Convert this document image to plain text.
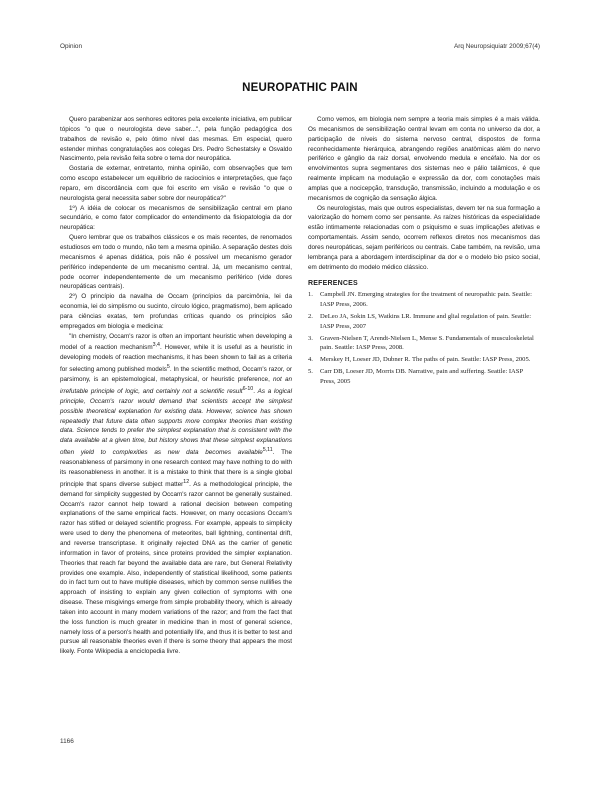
Opinion	Arq Neuropsiquiatr 2009;67(4)
NEUROPATHIC PAIN

Quero parabenizar aos senhores editores pela excelente iniciativa, em publicar tópicos "o que o neurologista deve saber...", pela função pedagógica dos trabalhos de revisão e, pelo ótimo nível das mesmas. Em especial, quero estender minhas congratulações aos colegas Drs. Pedro Schestatsky e Osvaldo Nascimento, pela revisão feita sobre o tema dor neuropática.

Gostaria de externar, entretanto, minha opinião, com observações que tem como escopo estabelecer um equilíbrio de raciocínios e interpretações, que faço reparo, em discordância com que foi escrito em visão e revisão "o que o neurologista geral necessita saber sobre dor neuropática?"

1º) A idéia de colocar os mecanismos de sensibilização central em plano secundário, e como fator complicador do entendimento da fisiopatologia da dor neuropática:

Quero lembrar que os trabalhos clássicos e os mais recentes, de renomados estudiosos em todo o mundo, não tem a mesma opinião. A separação destes dois mecanismos é apenas didática, pois não é possível um mecanismo gerador periférico independente de um mecanismo central. Já, um mecanismo central, pode ocorrer independentemente de um mecanismo periférico (vide dores neuropáticas centrais).

2º) O princípio da navalha de Occam (princípios da parcimônia, lei da economia, lei do simplismo ou sucinto, círculo lógico, pragmatismo), bem aplicado para ciências exatas, tem profundas críticas quando os princípios são empregados em biologia e medicina:

"In chemistry, Occam's razor is often an important heuristic when developing a model of a reaction mechanism$^{3,4}$. However, while it is useful as a heuristic in developing models of reaction mechanisms, it has been shown to fail as a criteria for selecting among published models$^5$. In the scientific method, Occam's razor, or parsimony, is an epistemological, metaphysical, or heuristic preference, not an irrefutable principle of logic, and certainly not a scientific result$^{6-10}$. As a logical principle, Occam's razor would demand that scientists accept the simplest possible theoretical explanation for existing data. However, science has shown repeatedly that future data often supports more complex theories than existing data. Science tends to prefer the simplest explanation that is consistent with the data available at a given time, but history shows that these simplest explanations often yield to complexities as new data becomes available$^{5,11}$. The reasonableness of parsimony in one research context may have nothing to do with its reasonableness in another. It is a mistake to think that there is a single global principle that spans diverse subject matter$^{12}$. As a methodological principle, the demand for simplicity suggested by Occam's razor cannot be generally sustained. Occam's razor cannot help toward a rational decision between competing explanations of the same empirical facts. However, on many occasions Occam's razor has stifled or delayed scientific progress. For example, appeals to simplicity were used to deny the phenomena of meteorites, ball lightning, continental drift, and reverse transcriptase. It originally rejected DNA as the carrier of genetic information in favor of proteins, since proteins provided the simpler explanation. Theories that reach far beyond the available data are rare, but General Relativity provides one example. Also, independently of statistical likelihood, some patients do in fact turn out to have multiple diseases, which by common sense nullifies the approach of insisting to explain any given collection of symptoms with one disease. These misgivings emerge from simple probability theory, which is already taken into account in many modern variations of the razor; and from the fact that the loss function is much greater in medicine than in most of general science, namely loss of a person's health and potentially life, and thus it is better to test and pursue all reasonable theories even if there is some theory that appears the most likely. Fonte Wikipedia a enciclopedia livre.

Como vemos, em biologia nem sempre a teoria mais simples é a mais válida. Os mecanismos de sensibilização central levam em conta no universo da dor, a participação de níveis do sistema nervoso central, dispostos de forma reconhecidamente hierárquica, abrangendo regiões anatômicas além do nervo periférico e gânglio da raiz dorsal, envolvendo medula e encéfalo. Na dor os envolvimentos supra segmentares dos sistemas neo e pálio talâmicos, é que realmente implicam na modulação e expressão da dor, com conotações mais amplas que a nocicepção, transdução, transmissão, incluindo a modulação e os mecanismos de cognição da sensação álgica.

Os neurologistas, mais que outros especialistas, devem ter na sua formação a valorização do homem como ser pensante. As raízes históricas da especialidade estão intimamente relacionadas com o psiquismo e suas implicações afetivas e comportamentais. Assim sendo, ocorrem reflexos diretos nos mecanismos das dores neuropáticas, sejam periféricos ou centrais. Cabe também, na revisão, uma lembrança para a abordagem interdisciplinar da dor e o modelo bio psico social, em detrimento do modelo médico clássico.

REFERENCES
1. Campbell JN. Emerging strategies for the treatment of neuropathic pain. Seattle: IASP Press, 2006.
2. DeLeo JA, Sokin LS, Watkins LR. Immune and glial regulation of pain. Seattle: IASP Press, 2007
3. Graven-Nielsen T, Arendt-Nielsen L, Mense S. Fundamentals of musculoskeletal pain. Seattle: IASP Press, 2008.
4. Merskey H, Loeser JD, Dubner R. The paths of pain. Seattle: IASP Press, 2005.
5. Carr DB, Loeser JD, Morris DB. Narrative, pain and suffering. Seattle: IASP Press, 2005
1166
